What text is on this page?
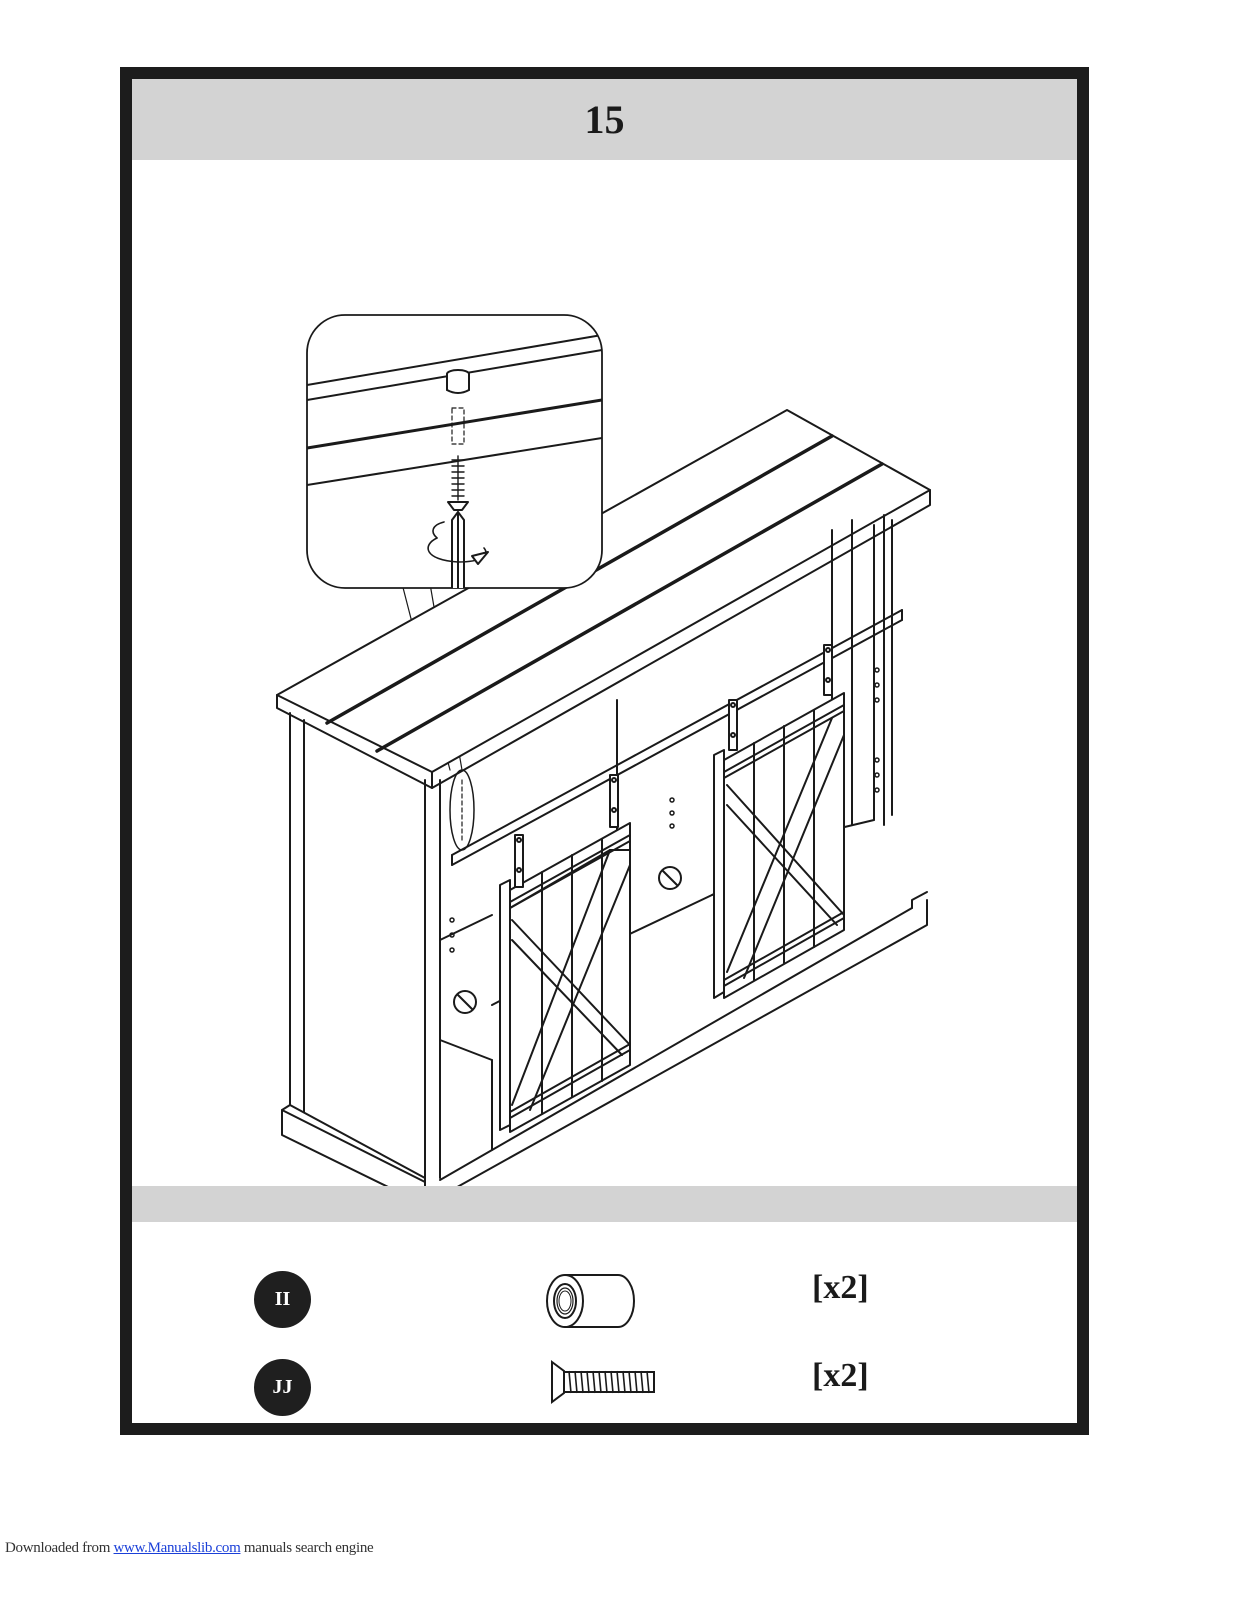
15
II	[x2]
JJ	[x2]
Downloaded from www.Manualslib.com manuals search engine
